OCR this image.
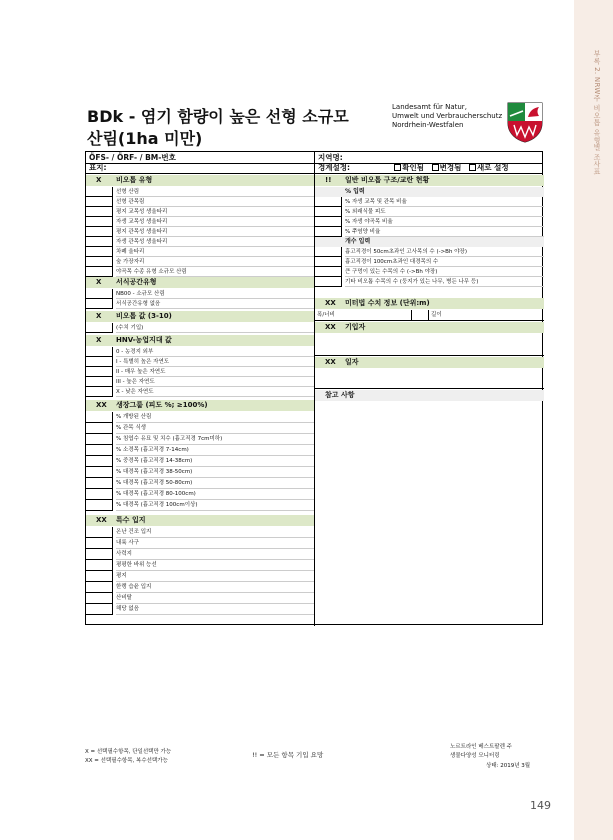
부록 2. NRW주 비오톱 유형별 조사표
BDk - 염기 함량이 높은 선형 소규모 산림(1ha 미만)
Landesamt für Natur,
Umwelt und Verbraucherschutz
Nordrhein-Westfalen
ÖFS- / ÖRF- / BM-번호	지역명:
표지:	경계설정:	확인됨 변경됨 새로 설정
X 비오톱 유형
선형 산림
선형 관목림
평지 교목성 생울타리
자생 교목성 생울타리
평지 관목성 생울타리
자생 관목성 생울타리
차폐 울타리
숲 가장자리
야곡목 수종 유형 소규모 산림
X 서식공간유형
NB00 - 소규모 산림
서식공간유형 없음
X 비오톱 값 (3-10)
(수치 기입)
X HNV-농업지대 값
0 - 농경지 외부
I - 특별히 높은 자연도
II - 매우 높은 자연도
III - 높은 자연도
X - 낮은 자연도
XX 생장그룹 (피도 %; ≥100%)
% 개방된 산림
% 관목 식생
% 침엽수 유묘 및 치수 (흉고직경 7cm미하)
% 소경목 (흉고직경 7-14cm)
% 중경목 (흉고직경 14-38cm)
% 대경목 (흉고직경 38-50cm)
% 대경목 (흉고직경 50-80cm)
% 대경목 (흉고직경 80-100cm)
% 대경목 (흉고직경 100cm이상)
XX 특수 입지
온난 건조 입지
내륙 사구
사력지
평평한 바위 능선
평지
한랭 습윤 입지
산비탈
해당 없음
!! 일반 비오톱 구조/교란 현황
% 입력
% 자생 교목 및 관목 비율
% 외래식물 피도
% 자생 야곡목 비율
% 쭈염양 비율
개수 입력
흉고직경이 50cm초과인 고사목의 수 (->Bh 야장)
흉고직경이 100cm초과인 대경목의 수
큰 구멍이 있는 수목의 수 (->Bh 야장)
기타 비오톱 수목의 수 (둥지가 있는 나무, 병든 나무 등)
XX 미터법 수치 정보 (단위:m)
폭/너비	길이
XX 기입자
XX 일자
참고 사항
X = 선택필수항목, 단일선택만 가능
XX = 선택필수항목, 복수선택가능
!! = 모든 항목 기입 요망
노르트라인 베스트팔렌 주
생물다양성 모니터링
상태: 2019년 3월
149
